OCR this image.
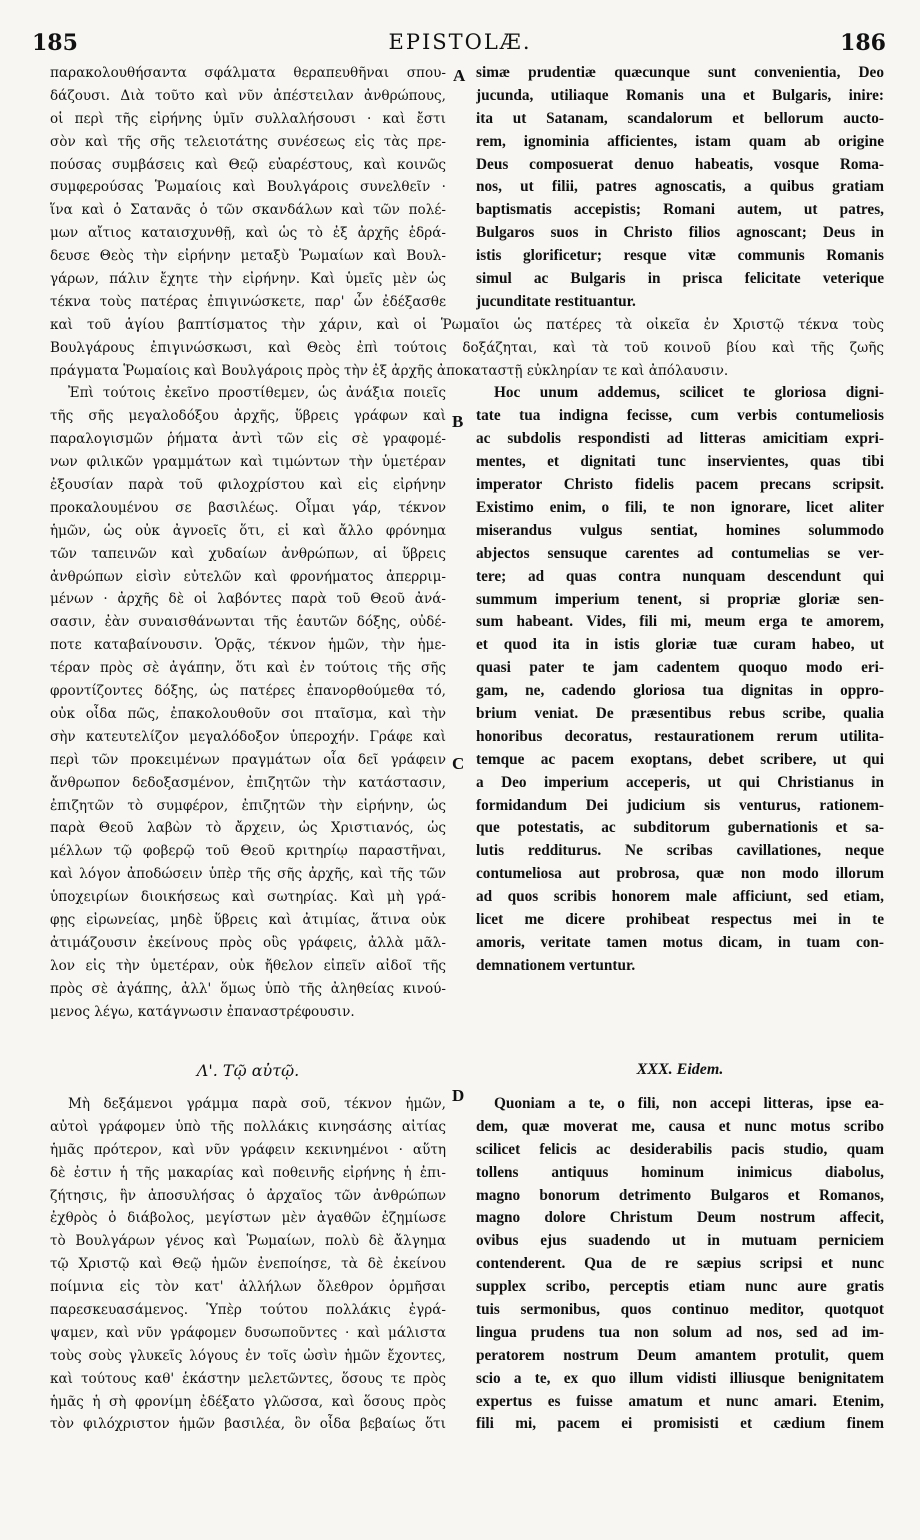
185	EPISTOLÆ.	186
παρακολουθήσαντα σφάλματα θεραπευθῆναι σπου-
δάζουσι. Διὰ τοῦτο καὶ νῦν ἀπέστειλαν ἀνθρώπους,
οἱ περὶ τῆς εἰρήνης ὑμῖν συλλαλήσουσι · καὶ ἔστι
σὸν καὶ τῆς σῆς τελειοτάτης συνέσεως εἰς τὰς πρε-
πούσας συμβάσεις καὶ Θεῷ εὐαρέστους, καὶ κοινῶς
συμφερούσας Ῥωμαίοις καὶ Βουλγάροις συνελθεῖν ·
ἵνα καὶ ὁ Σατανᾶς ὁ τῶν σκανδάλων καὶ τῶν πολέ-
μων αἴτιος καταισχυνθῇ, καὶ ὡς τὸ ἐξ ἀρχῆς ἑδρά-
δευσε Θεὸς τὴν εἰρήνην μεταξὺ Ῥωμαίων καὶ Βουλ-
γάρων, πάλιν ἔχητε τὴν εἰρήνην. Καὶ ὑμεῖς μὲν ὡς
τέκνα τοὺς πατέρας ἐπιγινώσκετε, παρ' ὧν ἐδέξασθε
καὶ τοῦ ἁγίου βαπτίσματος τὴν χάριν, καὶ οἱ Ῥωμαῖοι ὡς πατέρες τὰ οἰκεῖα ἐν Χριστῷ τέκνα τοὺς
Βουλγάρους ἐπιγινώσκωσι, καὶ Θεὸς ἐπὶ τούτοις δοξάζηται, καὶ τὰ τοῦ κοινοῦ βίου καὶ τῆς ζωῆς
πράγματα Ῥωμαίοις καὶ Βουλγάροις πρὸς τὴν ἐξ ἀρχῆς ἀποκαταστῇ εὐκληρίαν τε καὶ ἀπόλαυσιν.
Ἐπὶ τούτοις ἐκεῖνο προστίθεμεν, ὡς ἀνάξια ποιεῖς
τῆς σῆς μεγαλοδόξου ἀρχῆς, ὕβρεις γράφων καὶ
παραλογισμῶν ῥήματα ἀντὶ τῶν εἰς σὲ γραφομέ-
νων φιλικῶν γραμμάτων καὶ τιμώντων τὴν ὑμετέραν
ἐξουσίαν παρὰ τοῦ φιλοχρίστου καὶ εἰς εἰρήνην
προκαλουμένου σε βασιλέως. Οἶμαι γάρ, τέκνον
ἡμῶν, ὡς οὐκ ἀγνοεῖς ὅτι, εἰ καὶ ἄλλο φρόνημα
τῶν ταπεινῶν καὶ χυδαίων ἀνθρώπων, αἱ ὕβρεις
ἀνθρώπων εἰσὶν εὐτελῶν καὶ φρονήματος ἀπερριμ-
μένων · ἀρχῆς δὲ οἱ λαβόντες παρὰ τοῦ Θεοῦ ἀνά-
σασιν, ἐὰν συναισθάνωνται τῆς ἑαυτῶν δόξης, οὐδέ-
ποτε καταβαίνουσιν. Ὁρᾷς, τέκνον ἡμῶν, τὴν ἡμε-
τέραν πρὸς σὲ ἀγάπην, ὅτι καὶ ἐν τούτοις τῆς σῆς
φροντίζοντες δόξης, ὡς πατέρες ἐπανορθούμεθα τό,
οὐκ οἶδα πῶς, ἐπακολουθοῦν σοι πταῖσμα, καὶ τὴν
σὴν κατευτελίζον μεγαλόδοξον ὑπεροχήν. Γράφε καὶ
περὶ τῶν προκειμένων πραγμάτων οἷα δεῖ γράφειν
ἄνθρωπον δεδοξασμένον, ἐπιζητῶν τὴν κατάστασιν,
ἐπιζητῶν τὸ συμφέρον, ἐπιζητῶν τὴν εἰρήνην, ὡς
παρὰ Θεοῦ λαβὼν τὸ ἄρχειν, ὡς Χριστιανός, ὡς
μέλλων τῷ φοβερῷ τοῦ Θεοῦ κριτηρίῳ παραστῆναι,
καὶ λόγον ἀποδώσειν ὑπὲρ τῆς σῆς ἀρχῆς, καὶ τῆς τῶν
ὑποχειρίων διοικήσεως καὶ σωτηρίας. Καὶ μὴ γρά-
φῃς εἰρωνείας, μηδὲ ὕβρεις καὶ ἀτιμίας, ἅτινα οὐκ
ἀτιμάζουσιν ἐκείνους πρὸς οὓς γράφεις, ἀλλὰ μᾶλ-
λον εἰς τὴν ὑμετέραν, οὐκ ἤθελον εἰπεῖν αἰδοῖ τῆς
πρὸς σὲ ἀγάπης, ἀλλ' ὅμως ὑπὸ τῆς ἀληθείας κινού-
μενος λέγω, κατάγνωσιν ἐπαναστρέφουσιν.
simæ prudentiæ quæcunque sunt convenientia, Deo
jucunda, utiliaque Romanis una et Bulgaris, inire:
ita ut Satanam, scandalorum et bellorum aucto-
rem, ignominia afficientes, istam quam ab origine
Deus composuerat denuo habeatis, vosque Roma-
nos, ut filii, patres agnoscatis, a quibus gratiam
baptismatis accepistis; Romani autem, ut patres,
Bulgaros suos in Christo filios agnoscant; Deus in
istis glorificetur; resque vitæ communis Romanis
simul ac Bulgaris in prisca felicitate veterique
jucunditate restituantur.
Hoc unum addemus, scilicet te gloriosa digni-
tate tua indigna fecisse, cum verbis contumeliosis
ac subdolis respondisti ad litteras amicitiam expri-
mentes, et dignitati tunc inservientes, quas tibi
imperator Christo fidelis pacem precans scripsit.
Existimo enim, o fili, te non ignorare, licet aliter
miserandus vulgus sentiat, homines solummodo
abjectos sensuque carentes ad contumelias se ver-
tere; ad quas contra nunquam descendunt qui
summum imperium tenent, si propriæ gloriæ sen-
sum habeant. Vides, fili mi, meum erga te amorem,
et quod ita in istis gloriæ tuæ curam habeo, ut
quasi pater te jam cadentem quoquo modo eri-
gam, ne, cadendo gloriosa tua dignitas in oppro-
brium veniat. De præsentibus rebus scribe, qualia
honoribus decoratus, restaurationem rerum utilita-
temque ac pacem exoptans, debet scribere, ut qui
a Deo imperium acceperis, ut qui Christianus in
formidandum Dei judicium sis venturus, rationem-
que potestatis, ac subditorum gubernationis et sa-
lutis redditurus. Ne scribas cavillationes, neque
contumeliosa aut probrosa, quæ non modo illorum
ad quos scribis honorem male afficiunt, sed etiam,
licet me dicere prohibeat respectus mei in te
amoris, veritate tamen motus dicam, in tuam con-
demnationem vertuntur.
A
B
C
D
Λ'. Τῷ αὐτῷ.	XXX. Eidem.
Μὴ δεξάμενοι γράμμα παρὰ σοῦ, τέκνον ἡμῶν,
αὐτοὶ γράφομεν ὑπὸ τῆς πολλάκις κινησάσης αἰτίας
ἡμᾶς πρότερον, καὶ νῦν γράφειν κεκινημένοι · αὕτη
δὲ ἐστιν ἡ τῆς μακαρίας καὶ ποθεινῆς εἰρήνης ἡ ἐπι-
ζήτησις, ἣν ἀποσυλήσας ὁ ἀρχαῖος τῶν ἀνθρώπων
ἐχθρὸς ὁ διάβολος, μεγίστων μὲν ἀγαθῶν ἐζημίωσε
τὸ Βουλγάρων γένος καὶ Ῥωμαίων, πολὺ δὲ ἄλγημα
τῷ Χριστῷ καὶ Θεῷ ἡμῶν ἐνεποίησε, τὰ δὲ ἐκείνου
ποίμνια εἰς τὸν κατ' ἀλλήλων ὄλεθρον ὁρμῆσαι
παρεσκευασάμενος. Ὑπὲρ τούτου πολλάκις ἐγρά-
ψαμεν, καὶ νῦν γράφομεν δυσωποῦντες · καὶ μάλιστα
τοὺς σοὺς γλυκεῖς λόγους ἐν τοῖς ὠσὶν ἡμῶν ἔχοντες,
καὶ τούτους καθ' ἑκάστην μελετῶντες, ὅσους τε πρὸς
ἡμᾶς ἡ σὴ φρονίμη ἐδέξατο γλῶσσα, καὶ ὅσους πρὸς
τὸν φιλόχριστον ἡμῶν βασιλέα, ὃν οἶδα βεβαίως ὅτι
Quoniam a te, o fili, non accepi litteras, ipse ea-
dem, quæ moverat me, causa et nunc motus scribo
scilicet felicis ac desiderabilis pacis studio, quam
tollens antiquus hominum inimicus diabolus,
magno bonorum detrimento Bulgaros et Romanos,
magno dolore Christum Deum nostrum affecit,
ovibus ejus suadendo ut in mutuam perniciem
contenderent. Qua de re sæpius scripsi et nunc
supplex scribo, perceptis etiam nunc aure gratis
tuis sermonibus, quos continuo meditor, quotquot
lingua prudens tua non solum ad nos, sed ad im-
peratorem nostrum Deum amantem protulit, quem
scio a te, ex quo illum vidisti illiusque benignitatem
expertus es fuisse amatum et nunc amari. Etenim,
fili mi, pacem ei promisisti et cædium finem
